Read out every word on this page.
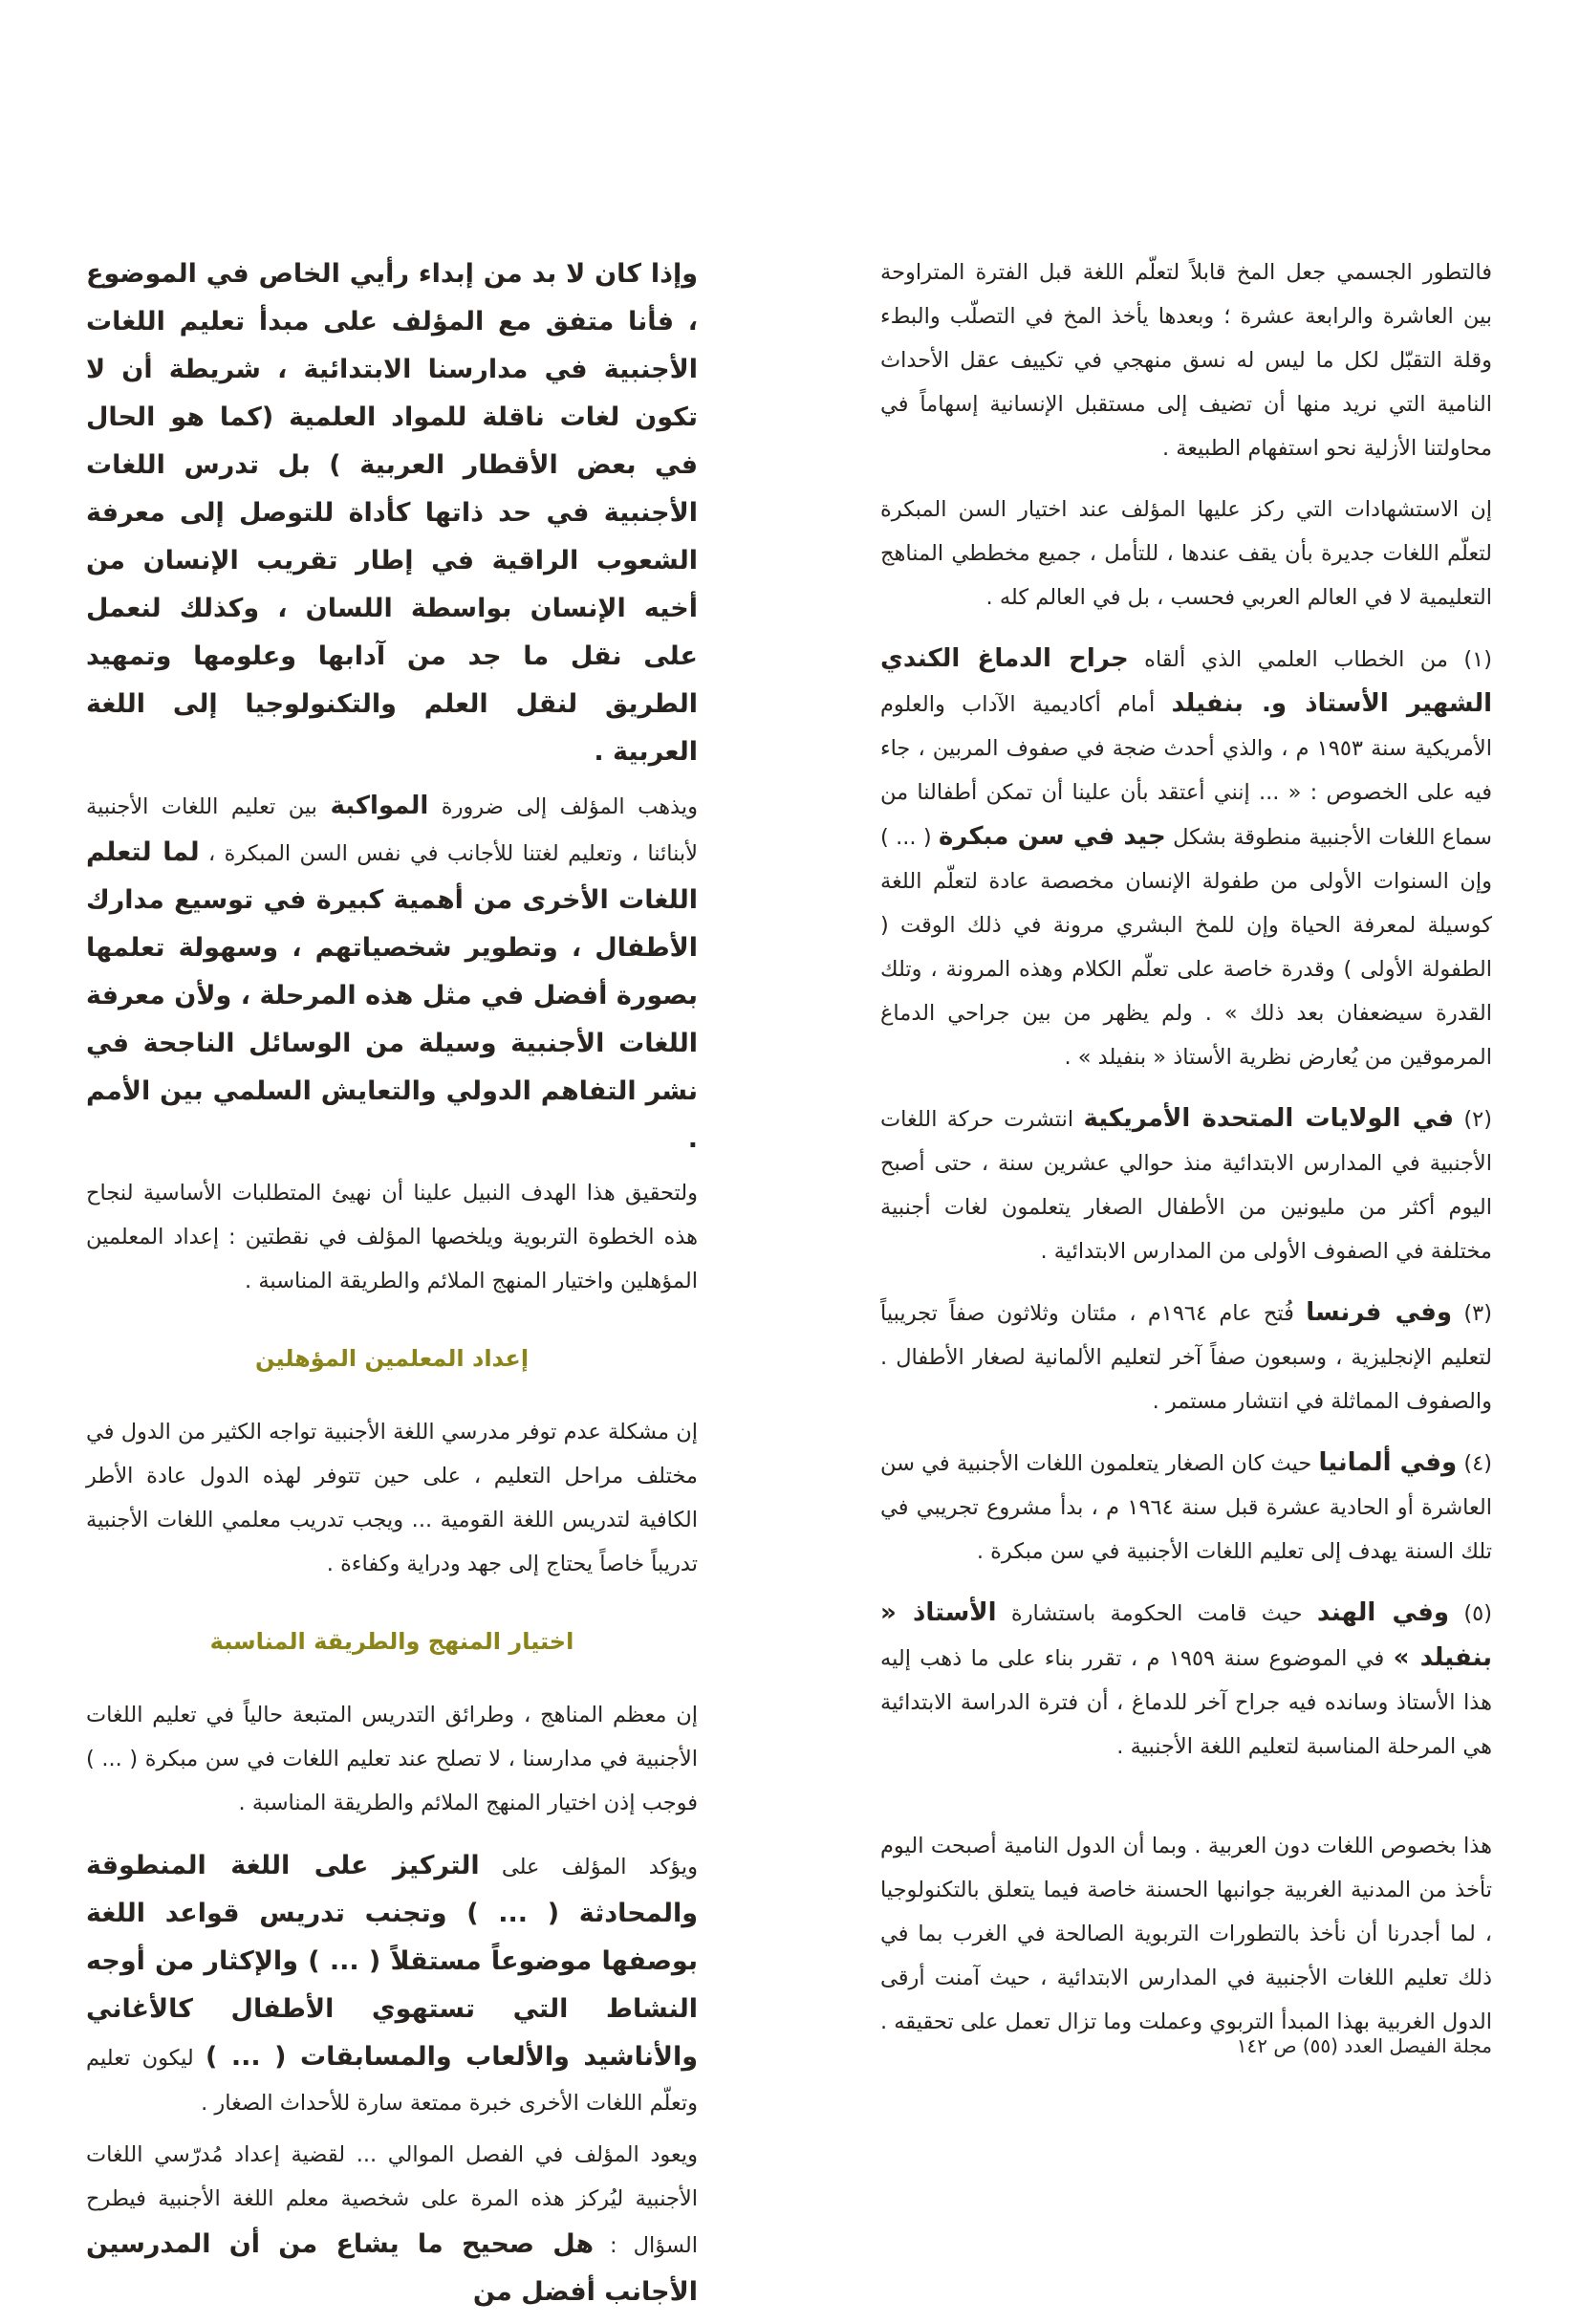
فالتطور الجسمي جعل المخ قابلاً لتعلّم اللغة قبل الفترة المتراوحة بين العاشرة والرابعة عشرة ؛ وبعدها يأخذ المخ في التصلّب والبطء وقلة التقبّل لكل ما ليس له نسق منهجي في تكييف عقل الأحداث النامية التي نريد منها أن تضيف إلى مستقبل الإنسانية إسهاماً في محاولتنا الأزلية نحو استفهام الطبيعة .

إن الاستشهادات التي ركز عليها المؤلف عند اختيار السن المبكرة لتعلّم اللغات جديرة بأن يقف عندها ، للتأمل ، جميع مخططي المناهج التعليمية لا في العالم العربي فحسب ، بل في العالم كله .

(١) من الخطاب العلمي الذي ألقاه جراح الدماغ الكندي الشهير الأستاذ و. بنفيلد أمام أكاديمية الآداب والعلوم الأمريكية سنة ١٩٥٣ م ، والذي أحدث ضجة في صفوف المربين ، جاء فيه على الخصوص : « ... إنني أعتقد بأن علينا أن تمكن أطفالنا من سماع اللغات الأجنبية منطوقة بشكل جيد في سن مبكرة ( ... ) وإن السنوات الأولى من طفولة الإنسان مخصصة عادة لتعلّم اللغة كوسيلة لمعرفة الحياة وإن للمخ البشري مرونة في ذلك الوقت ( الطفولة الأولى ) وقدرة خاصة على تعلّم الكلام وهذه المرونة ، وتلك القدرة سيضعفان بعد ذلك » . ولم يظهر من بين جراحي الدماغ المرموقين من يُعارض نظرية الأستاذ « بنفيلد » .

(٢) في الولايات المتحدة الأمريكية انتشرت حركة اللغات الأجنبية في المدارس الابتدائية منذ حوالي عشرين سنة ، حتى أصبح اليوم أكثر من مليونين من الأطفال الصغار يتعلمون لغات أجنبية مختلفة في الصفوف الأولى من المدارس الابتدائية .

(٣) وفي فرنسا فُتح عام ١٩٦٤م ، مئتان وثلاثون صفاً تجريبياً لتعليم الإنجليزية ، وسبعون صفاً آخر لتعليم الألمانية لصغار الأطفال . والصفوف المماثلة في انتشار مستمر .

(٤) وفي ألمانيا حيث كان الصغار يتعلمون اللغات الأجنبية في سن العاشرة أو الحادية عشرة قبل سنة ١٩٦٤ م ، بدأ مشروع تجريبي في تلك السنة يهدف إلى تعليم اللغات الأجنبية في سن مبكرة .

(٥) وفي الهند حيث قامت الحكومة باستشارة الأستاذ « بنفيلد » في الموضوع سنة ١٩٥٩ م ، تقرر بناء على ما ذهب إليه هذا الأستاذ وسانده فيه جراح آخر للدماغ ، أن فترة الدراسة الابتدائية هي المرحلة المناسبة لتعليم اللغة الأجنبية .

هذا بخصوص اللغات دون العربية . وبما أن الدول النامية أصبحت اليوم تأخذ من المدنية الغربية جوانبها الحسنة خاصة فيما يتعلق بالتكنولوجيا ، لما أجدرنا أن نأخذ بالتطورات التربوية الصالحة في الغرب بما في ذلك تعليم اللغات الأجنبية في المدارس الابتدائية ، حيث آمنت أرقى الدول الغربية بهذا المبدأ التربوي وعملت وما تزال تعمل على تحقيقه .

وإذا كان لا بد من إبداء رأيي الخاص في الموضوع ، فأنا متفق مع المؤلف على مبدأ تعليم اللغات الأجنبية في مدارسنا الابتدائية ، شريطة أن لا تكون لغات ناقلة للمواد العلمية (كما هو الحال في بعض الأقطار العربية ) بل تدرس اللغات الأجنبية في حد ذاتها كأداة للتوصل إلى معرفة الشعوب الراقية في إطار تقريب الإنسان من أخيه الإنسان بواسطة اللسان ، وكذلك لنعمل على نقل ما جد من آدابها وعلومها وتمهيد الطريق لنقل العلم والتكنولوجيا إلى اللغة العربية .

ويذهب المؤلف إلى ضرورة المواكبة بين تعليم اللغات الأجنبية لأبنائنا ، وتعليم لغتنا للأجانب في نفس السن المبكرة ، لما لتعلم اللغات الأخرى من أهمية كبيرة في توسيع مدارك الأطفال ، وتطوير شخصياتهم ، وسهولة تعلمها بصورة أفضل في مثل هذه المرحلة ، ولأن معرفة اللغات الأجنبية وسيلة من الوسائل الناجحة في نشر التفاهم الدولي والتعايش السلمي بين الأمم .

ولتحقيق هذا الهدف النبيل علينا أن نهيئ المتطلبات الأساسية لنجاح هذه الخطوة التربوية ويلخصها المؤلف في نقطتين : إعداد المعلمين المؤهلين واختيار المنهج الملائم والطريقة المناسبة .

إعداد المعلمين المؤهلين

إن مشكلة عدم توفر مدرسي اللغة الأجنبية تواجه الكثير من الدول في مختلف مراحل التعليم ، على حين تتوفر لهذه الدول عادة الأطر الكافية لتدريس اللغة القومية ... ويجب تدريب معلمي اللغات الأجنبية تدريباً خاصاً يحتاج إلى جهد ودراية وكفاءة .

اختيار المنهج والطريقة المناسبة

إن معظم المناهج ، وطرائق التدريس المتبعة حالياً في تعليم اللغات الأجنبية في مدارسنا ، لا تصلح عند تعليم اللغات في سن مبكرة ( ... ) فوجب إذن اختيار المنهج الملائم والطريقة المناسبة .

ويؤكد المؤلف على التركيز على اللغة المنطوقة والمحادثة ( ... ) وتجنب تدريس قواعد اللغة بوصفها موضوعاً مستقلاً ( ... ) والإكثار من أوجه النشاط التي تستهوي الأطفال كالأغاني والأناشيد والألعاب والمسابقات ( ... ) ليكون تعليم وتعلّم اللغات الأخرى خبرة ممتعة سارة للأحداث الصغار .

ويعود المؤلف في الفصل الموالي ... لقضية إعداد مُدرّسي اللغات الأجنبية ليُركز هذه المرة على شخصية معلم اللغة الأجنبية فيطرح السؤال : هل صحيح ما يشاع من أن المدرسين الأجانب أفضل من

مجلة الفيصل العدد (٥٥) ص ١٤٢
